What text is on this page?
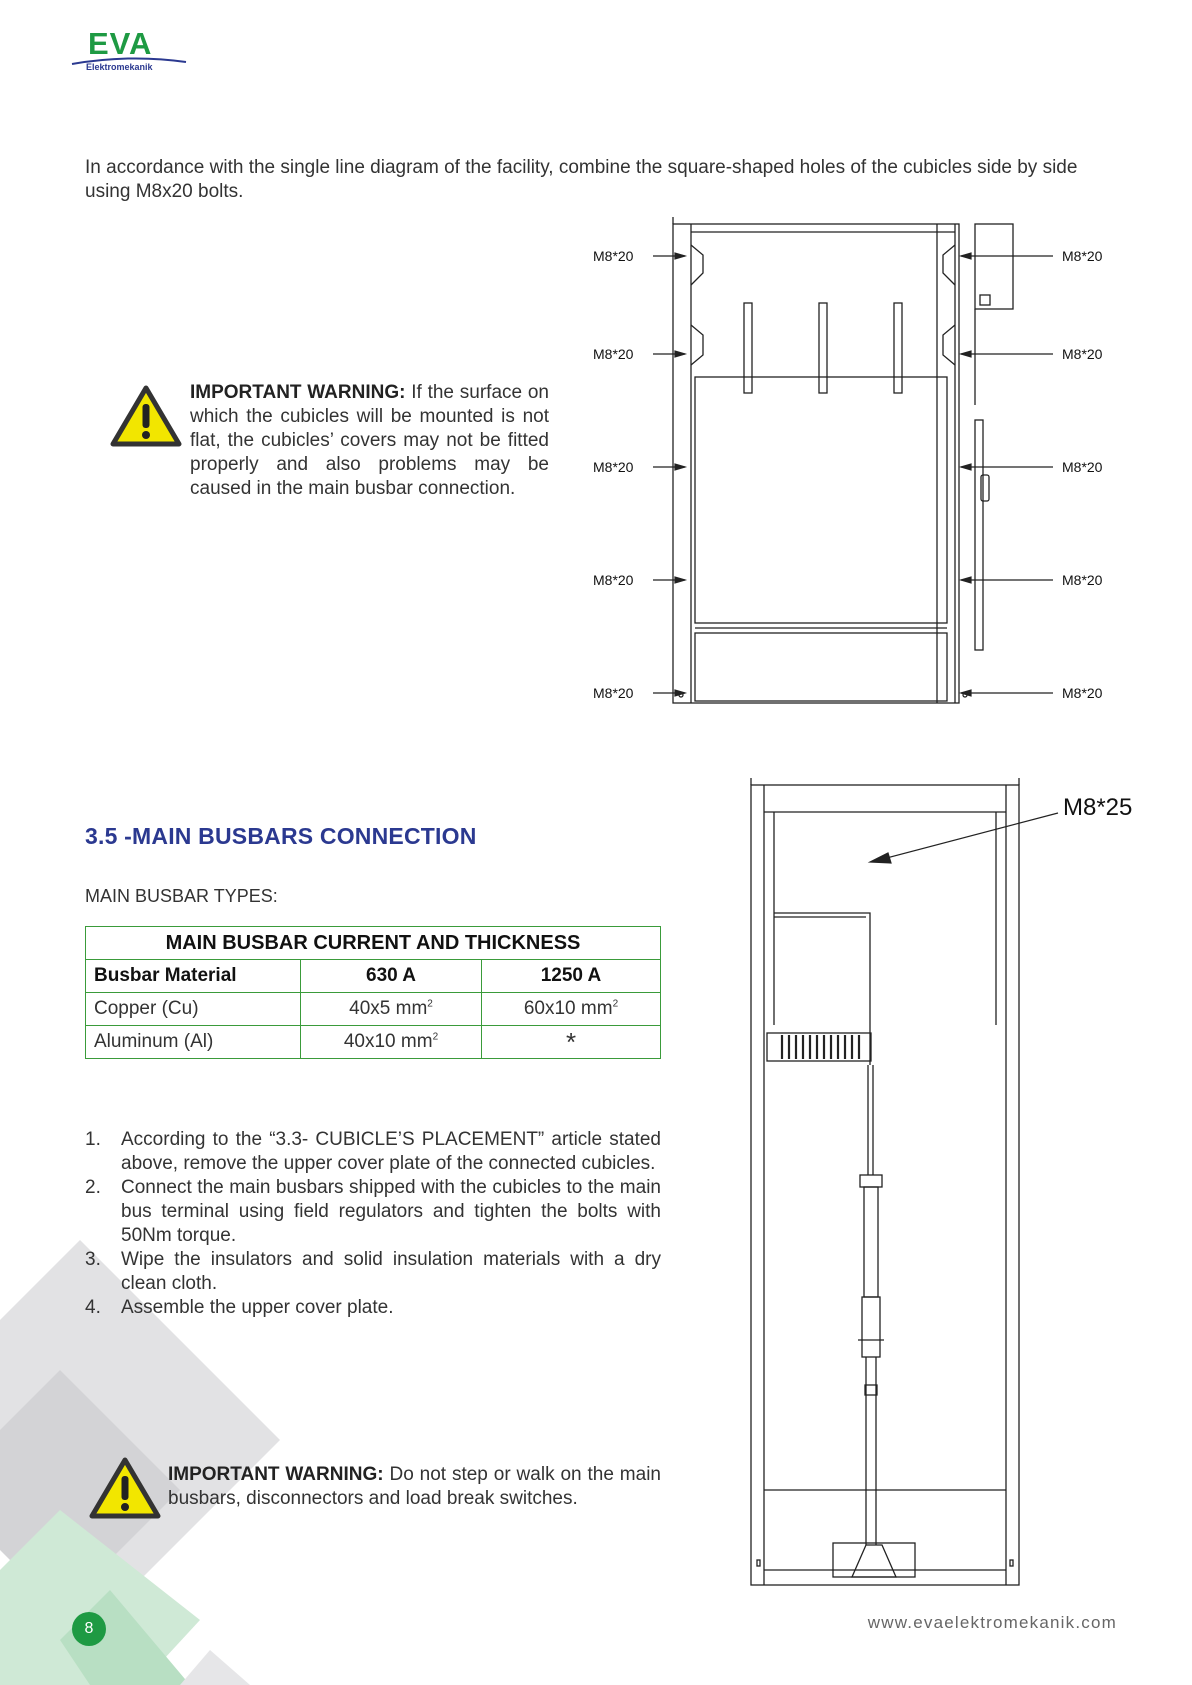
EVA
Elektromekanik
In accordance with the single line diagram of the facility, combine the square-shaped holes of the cubicles side by side using M8x20 bolts.
IMPORTANT WARNING: If the surface on which the cubicles will be mounted is not flat, the cubicles’ covers may not be fitted properly and also problems may be caused in the main busbar connection.
M8*20
M8*20
M8*20
M8*20
M8*20
M8*20
M8*20
M8*20
M8*20
M8*20
3.5 -MAIN BUSBARS CONNECTION
MAIN BUSBAR TYPES:
MAIN BUSBAR CURRENT AND THICKNESS		
Busbar Material	630 A	1250 A
Copper (Cu)	40x5 $mm^2$	60x10 $mm^2$
Aluminum (Al)	40x10 $mm^2$	*
1. According to the “3.3- CUBICLE’S PLACEMENT” article stated above, remove the upper cover plate of the connected cubicles.
2. Connect the main busbars shipped with the cubicles to the main bus terminal using field regulators and tighten the bolts with 50Nm torque.
3. Wipe the insulators and solid insulation materials with a dry clean cloth.
4. Assemble the upper cover plate.
IMPORTANT WARNING: Do not step or walk on the main busbars, disconnectors and load break switches.
M8*25
8	www.evaelektromekanik.com
